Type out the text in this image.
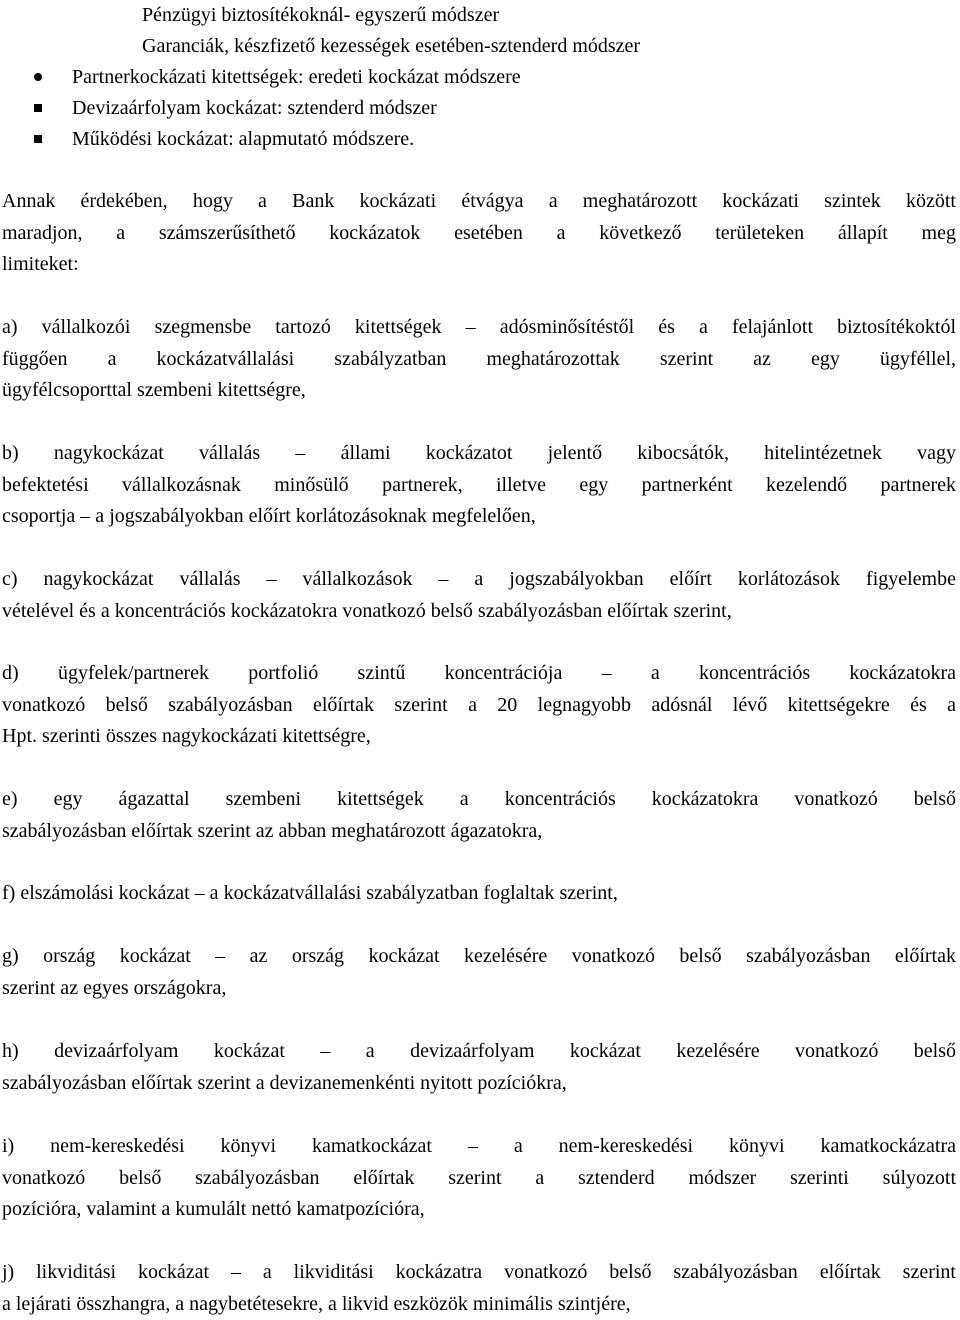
Pénzügyi biztosítékoknál- egyszerű módszer
Garanciák, készfizető kezességek esetében-sztenderd módszer
Partnerkockázati kitettségek: eredeti kockázat módszere
Devizaárfolyam kockázat: sztenderd módszer
Működési kockázat: alapmutató módszere.
Annak érdekében, hogy a Bank kockázati étvágya a meghatározott kockázati szintek között
maradjon, a számszerűsíthető kockázatok esetében a következő területeken állapít meg
limiteket:
a) vállalkozói szegmensbe tartozó kitettségek – adósminősítéstől és a felajánlott biztosítékoktól
függően a kockázatvállalási szabályzatban meghatározottak szerint az egy ügyféllel,
ügyfélcsoporttal szembeni kitettségre,
b) nagykockázat vállalás – állami kockázatot jelentő kibocsátók, hitelintézetnek vagy
befektetési vállalkozásnak minősülő partnerek, illetve egy partnerként kezelendő partnerek
csoportja – a jogszabályokban előírt korlátozásoknak megfelelően,
c) nagykockázat vállalás – vállalkozások – a jogszabályokban előírt korlátozások figyelembe
vételével és a koncentrációs kockázatokra vonatkozó belső szabályozásban előírtak szerint,
d) ügyfelek/partnerek portfolió szintű koncentrációja – a koncentrációs kockázatokra
vonatkozó belső szabályozásban előírtak szerint a 20 legnagyobb adósnál lévő kitettségekre és a
Hpt. szerinti összes nagykockázati kitettségre,
e) egy ágazattal szembeni kitettségek a koncentrációs kockázatokra vonatkozó belső
szabályozásban előírtak szerint az abban meghatározott ágazatokra,
f) elszámolási kockázat – a kockázatvállalási szabályzatban foglaltak szerint,
g) ország kockázat – az ország kockázat kezelésére vonatkozó belső szabályozásban előírtak
szerint az egyes országokra,
h) devizaárfolyam kockázat – a devizaárfolyam kockázat kezelésére vonatkozó belső
szabályozásban előírtak szerint a devizanemenkénti nyitott pozíciókra,
i) nem-kereskedési könyvi kamatkockázat – a nem-kereskedési könyvi kamatkockázatra
vonatkozó belső szabályozásban előírtak szerint a sztenderd módszer szerinti súlyozott
pozícióra, valamint a kumulált nettó kamatpozícióra,
j) likviditási kockázat – a likviditási kockázatra vonatkozó belső szabályozásban előírtak szerint
a lejárati összhangra, a nagybetétesekre, a likvid eszközök minimális szintjére,
